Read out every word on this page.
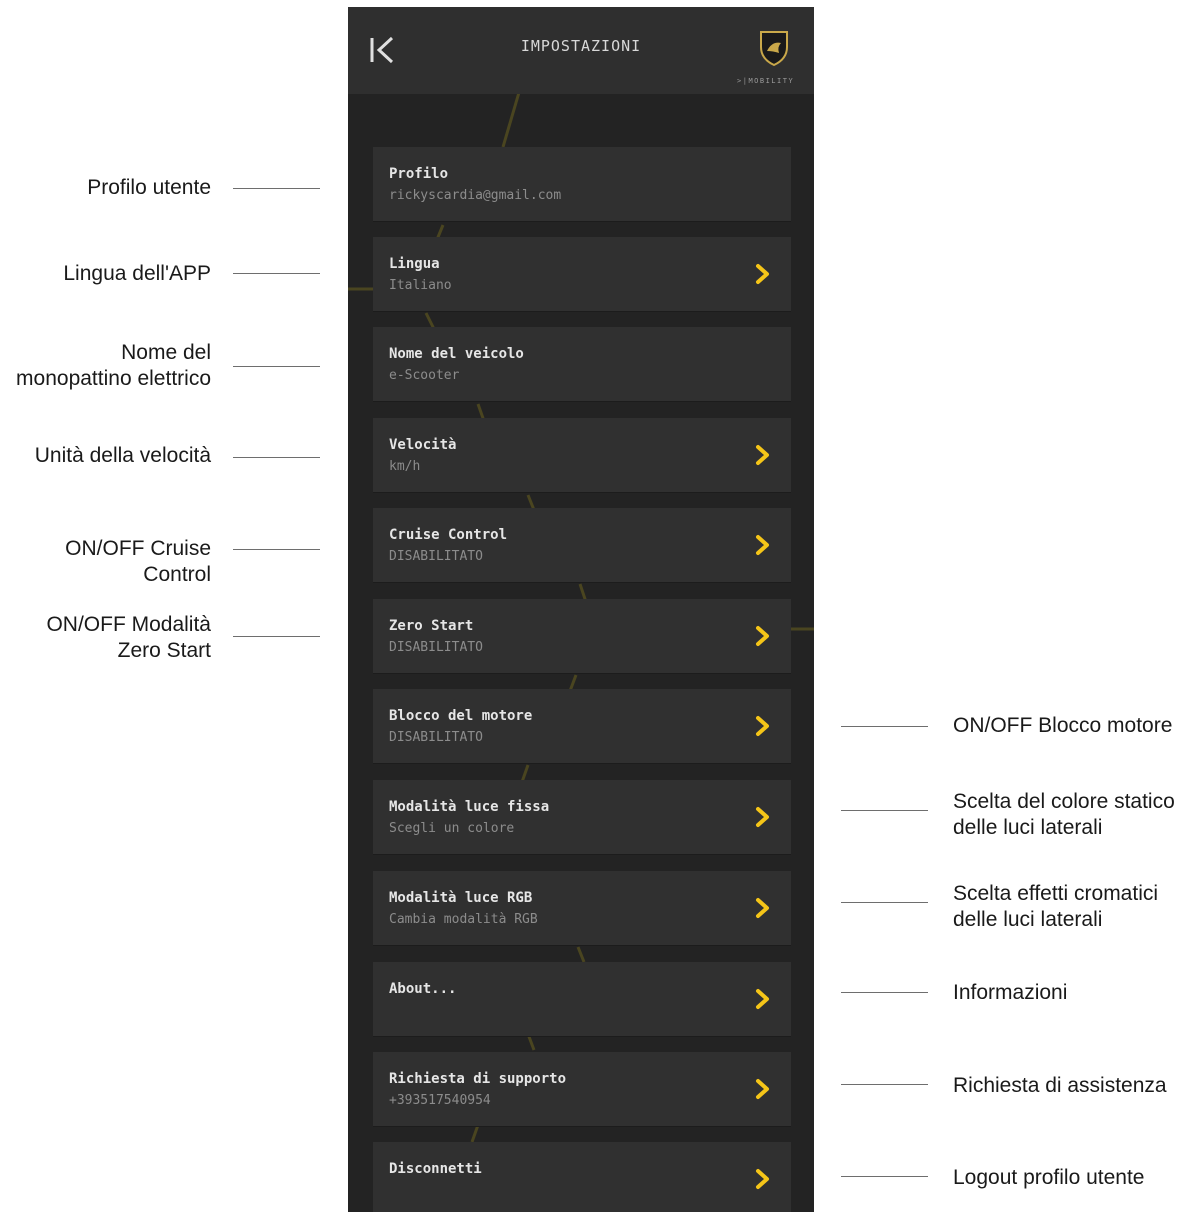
IMPOSTAZIONI
>|MOBILITY
Profilo
rickyscardia@gmail.com
Lingua
Italiano
Nome del veicolo
e-Scooter
Velocità
km/h
Cruise Control
DISABILITATO
Zero Start
DISABILITATO
Blocco del motore
DISABILITATO
Modalità luce fissa
Scegli un colore
Modalità luce RGB
Cambia modalità RGB
About...
Richiesta di supporto
+393517540954
Disconnetti
Profilo utente
Lingua dell'APP
Nome del
monopattino elettrico
Unità della velocità
ON/OFF Cruise Control
ON/OFF Modalità
Zero Start
ON/OFF Blocco motore
Scelta del colore statico
delle luci laterali
Scelta effetti cromatici
delle luci laterali
Informazioni
Richiesta di assistenza
Logout profilo utente
